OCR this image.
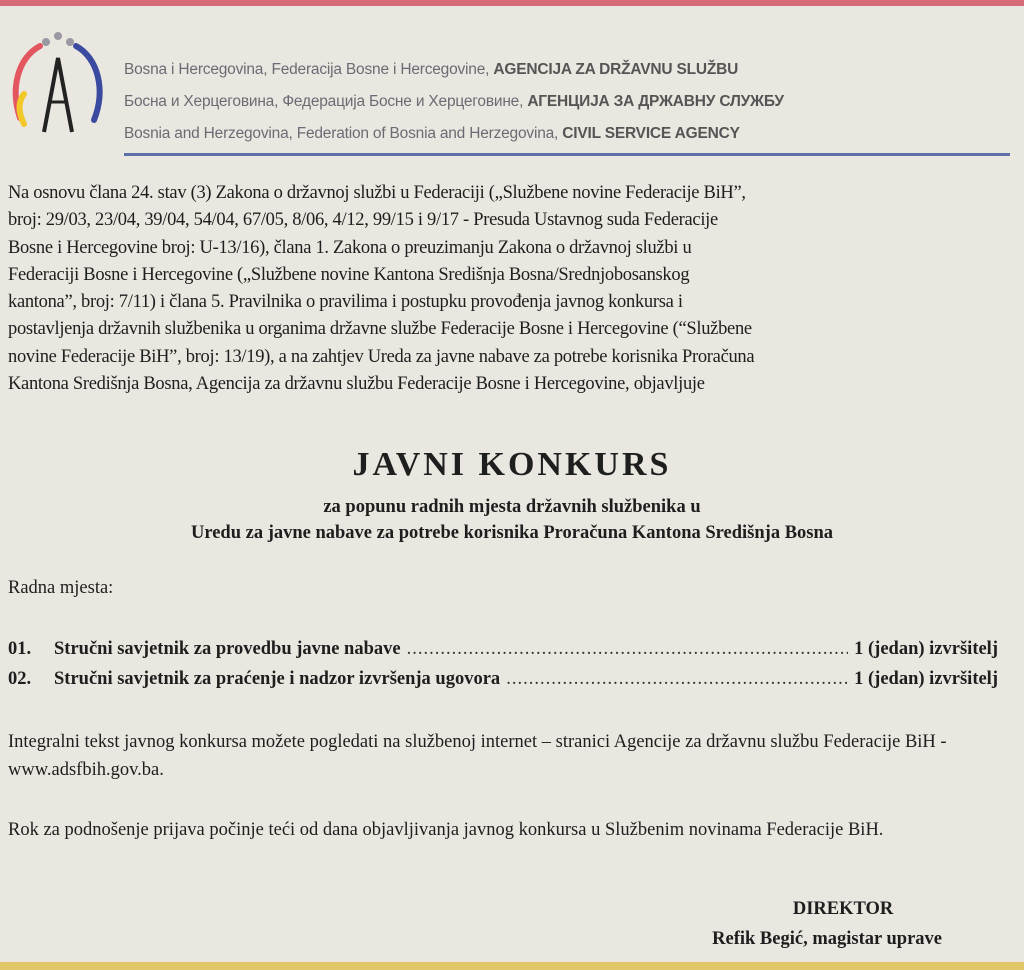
Bosna i Hercegovina, Federacija Bosne i Hercegovine, AGENCIJA ZA DRŽAVNU SLUŽBU
Босна и Херцеговина, Федерација Босне и Херцеговине, АГЕНЦИЈА ЗА ДРЖАВНУ СЛУЖБУ
Bosnia and Herzegovina, Federation of Bosnia and Herzegovina, CIVIL SERVICE AGENCY
Na osnovu člana 24. stav (3) Zakona o državnoj službi u Federaciji („Službene novine Federacije BiH”,
broj: 29/03, 23/04, 39/04, 54/04, 67/05, 8/06, 4/12, 99/15 i 9/17 - Presuda Ustavnog suda Federacije
Bosne i Hercegovine broj: U-13/16), člana 1. Zakona o preuzimanju Zakona o državnoj službi u
Federaciji Bosne i Hercegovine („Službene novine Kantona Središnja Bosna/Srednjobosanskog
kantona”, broj: 7/11) i člana 5. Pravilnika o pravilima i postupku provođenja javnog konkursa i
postavljenja državnih službenika u organima državne službe Federacije Bosne i Hercegovine (“Službene
novine Federacije BiH”, broj: 13/19), a na zahtjev Ureda za javne nabave za potrebe korisnika Proračuna
Kantona Središnja Bosna, Agencija za državnu službu Federacije Bosne i Hercegovine, objavljuje
JAVNI KONKURS
za popunu radnih mjesta državnih službenika u
Uredu za javne nabave za potrebe korisnika Proračuna Kantona Središnja Bosna
Radna mjesta:
01.	Stručni savjetnik za provedbu javne nabave .....	1 (jedan) izvršitelj
02.	Stručni savjetnik za praćenje i nadzor izvršenja ugovora .....	1 (jedan) izvršitelj
Integralni tekst javnog konkursa možete pogledati na službenoj internet – stranici Agencije za državnu službu Federacije BiH - www.adsfbih.gov.ba.
Rok za podnošenje prijava počinje teći od dana objavljivanja javnog konkursa u Službenim novinama Federacije BiH.
DIREKTOR
Refik Begić, magistar uprave
